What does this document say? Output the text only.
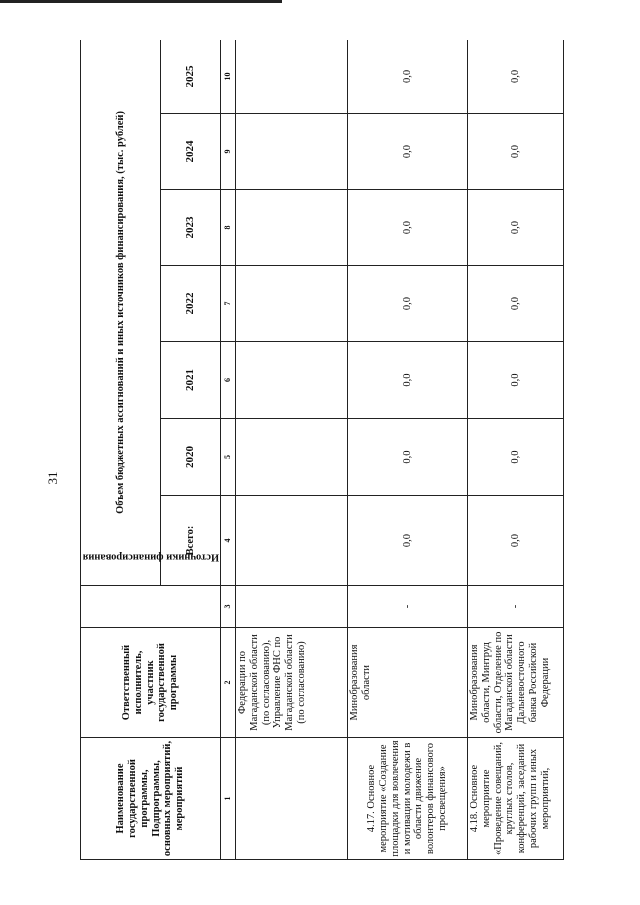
31
Наименование государственной программы, Подпрограммы, основных мероприятий, мероприятий	Ответственный исполнитель, участник государственной программы	Источники финансирования	Объем бюджетных ассигнований и иных источников финансирования, (тыс. рублей)						
			Всего:	2020	2021	2022	2023	2024	2025
1	2	3	4	5	6	7	8	9	10
	Федерации по Магаданской области (по согласованию), Управление ФНС по Магаданской области (по согласованию)								
4.17. Основное мероприятие «Создание площадки для вовлечения и мотивации молодежи в области движение волонтеров финансового просвещения»	Минобразования области	-	0,0	0,0	0,0	0,0	0,0	0,0	0,0
4.18. Основное мероприятие «Проведение совещаний, круглых столов, конференций, заседаний рабочих групп и иных мероприятий,	Минобразования области, Минтруд области, Отделение по Магаданской области Дальневосточного банка Российской Федерации	-	0,0	0,0	0,0	0,0	0,0	0,0	0,0
